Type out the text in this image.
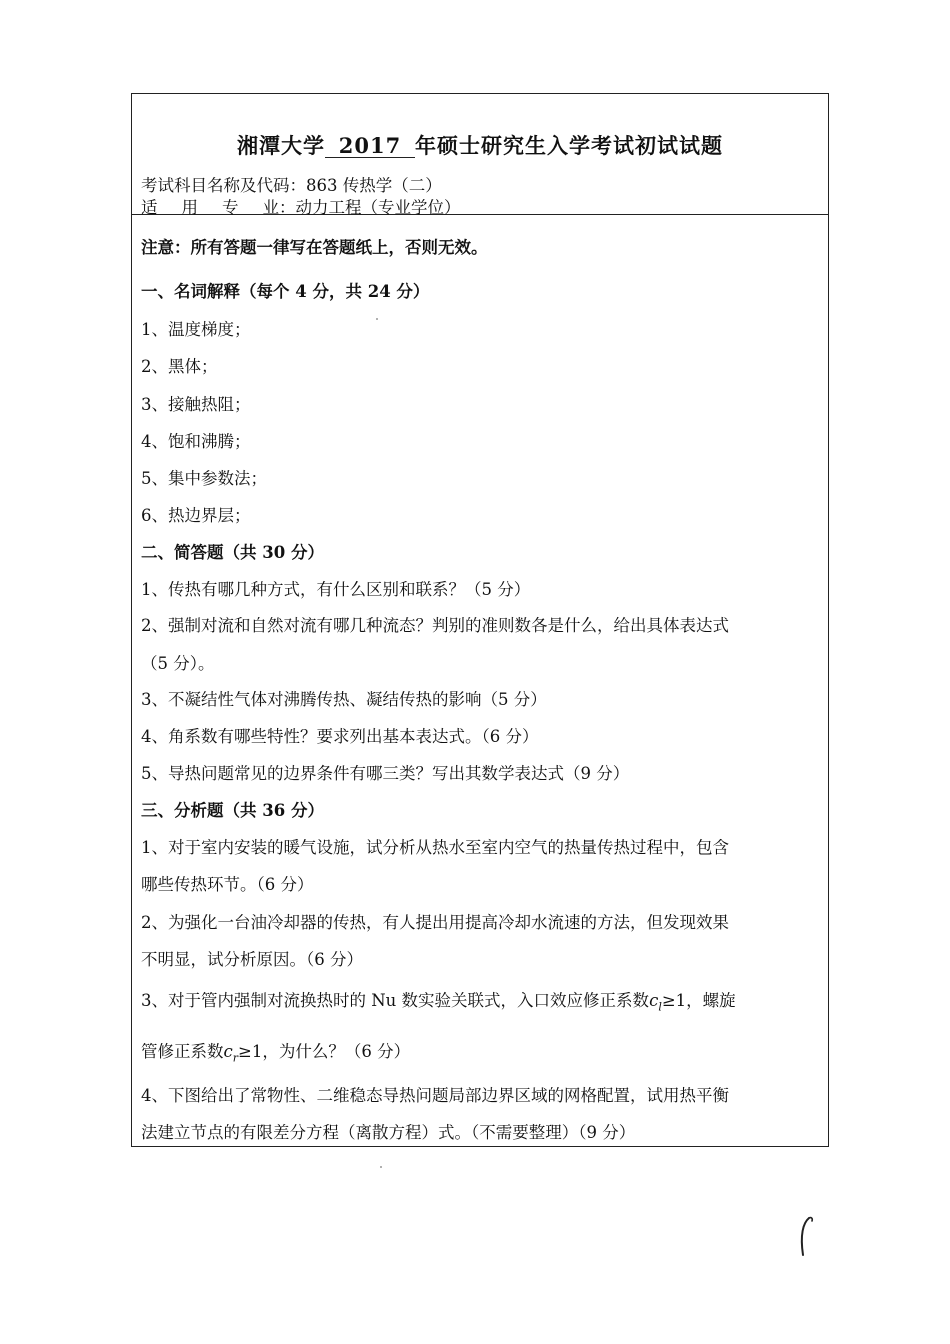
湘潭大学 2017 年硕士研究生入学考试初试试题
考试科目名称及代码：863 传热学（二）
适 用 专 业：动力工程（专业学位）
注意：所有答题一律写在答题纸上，否则无效。
一、名词解释（每个 4 分，共 24 分）
1、温度梯度；
2、黑体；
3、接触热阻；
4、饱和沸腾；
5、集中参数法；
6、热边界层；
二、简答题（共 30 分）
1、传热有哪几种方式，有什么区别和联系？（5 分）
2、强制对流和自然对流有哪几种流态？判别的准则数各是什么，给出具体表达式
（5 分）。
3、不凝结性气体对沸腾传热、凝结传热的影响（5 分）
4、角系数有哪些特性？要求列出基本表达式。（6 分）
5、导热问题常见的边界条件有哪三类？写出其数学表达式（9 分）
三、分析题（共 36 分）
1、对于室内安装的暖气设施，试分析从热水至室内空气的热量传热过程中，包含
哪些传热环节。（6 分）
2、为强化一台油冷却器的传热，有人提出用提高冷却水流速的方法，但发现效果
不明显，试分析原因。（6 分）
3、对于管内强制对流换热时的 Nu 数实验关联式，入口效应修正系数$c_l\ge 1$，螺旋
管修正系数$c_r\ge 1$，为什么？（6 分）
4、下图给出了常物性、二维稳态导热问题局部边界区域的网格配置，试用热平衡
法建立节点的有限差分方程（离散方程）式。（不需要整理）（9 分）
